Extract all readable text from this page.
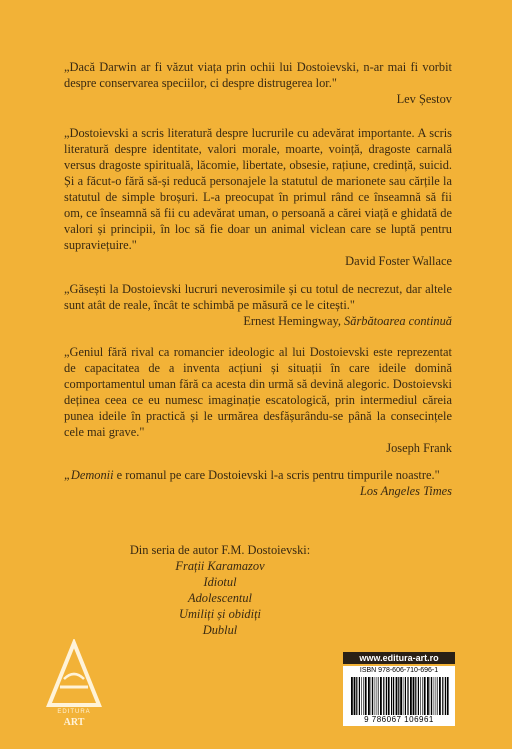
„Dacă Darwin ar fi văzut viața prin ochii lui Dostoievski, n-ar mai fi vorbit despre conservarea speciilor, ci despre distrugerea lor."
Lev Șestov
„Dostoievski a scris literatură despre lucrurile cu adevărat importante. A scris literatură despre identitate, valori morale, moarte, voință, dragoste carnală versus dragoste spirituală, lăcomie, libertate, obsesie, rațiune, credință, suicid. Și a făcut-o fără să-și reducă personajele la statutul de marionete sau cărțile la statutul de simple broșuri. L-a preocupat în primul rând ce înseamnă să fii om, ce înseamnă să fii cu adevărat uman, o persoană a cărei viață e ghidată de valori și principii, în loc să fie doar un animal viclean care se luptă pentru supraviețuire."
David Foster Wallace
„Găsești la Dostoievski lucruri neverosimile și cu totul de necrezut, dar altele sunt atât de reale, încât te schimbă pe măsură ce le citești."
Ernest Hemingway, Sărbătoarea continuă
„Geniul fără rival ca romancier ideologic al lui Dostoievski este reprezentat de capacitatea de a inventa acțiuni și situații în care ideile domină comportamentul uman fără ca acesta din urmă să devină alegoric. Dostoievski deținea ceea ce eu numesc imaginație escatologică, prin intermediul căreia punea ideile în practică și le urmărea desfășurându-se până la consecințele cele mai grave."
Joseph Frank
„Demonii e romanul pe care Dostoievski l-a scris pentru timpurile noastre."
Los Angeles Times
Din seria de autor F.M. Dostoievski:
Frații Karamazov
Idiotul
Adolescentul
Umiliți și obidiți
Dublul
EDITURA
ART
www.editura-art.ro
ISBN 978-606-710-696-1
9 786067 106961
